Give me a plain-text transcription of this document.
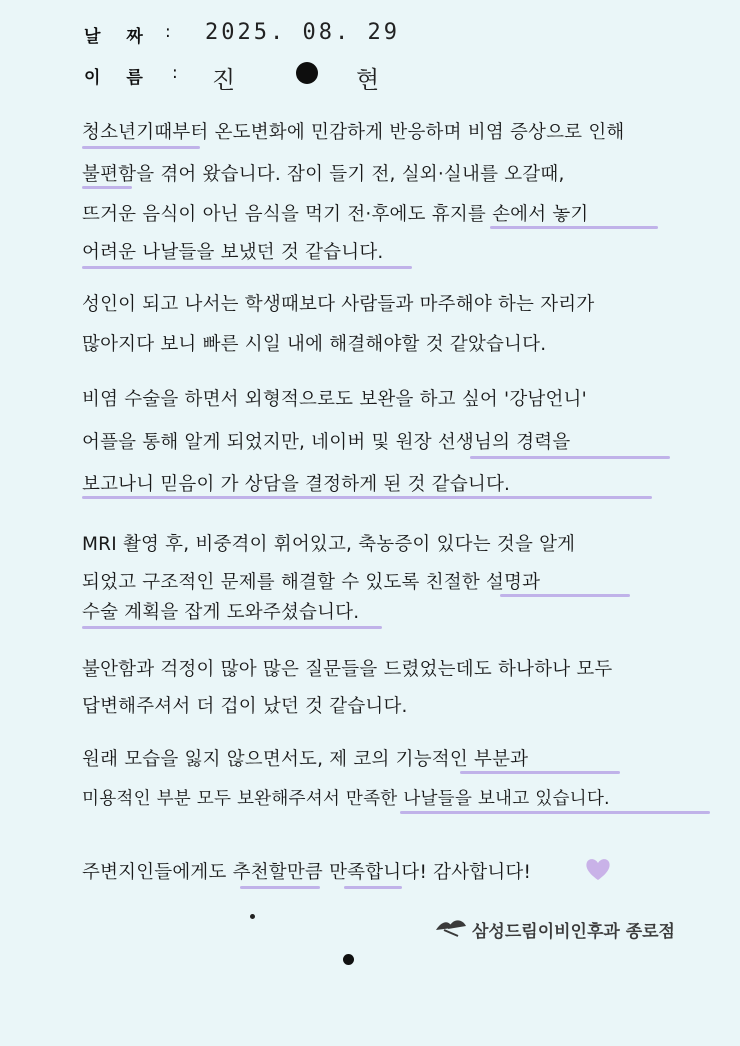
날 짜 : 2025. 08. 29
이 름 : 진	현
청소년기때부터 온도변화에 민감하게 반응하며 비염 증상으로 인해
불편함을 겪어 왔습니다. 잠이 들기 전, 실외·실내를 오갈때,
뜨거운 음식이 아닌 음식을 먹기 전·후에도 휴지를 손에서 놓기
어려운 나날들을 보냈던 것 같습니다.
성인이 되고 나서는 학생때보다 사람들과 마주해야 하는 자리가
많아지다 보니 빠른 시일 내에 해결해야할 것 같았습니다.
비염 수술을 하면서 외형적으로도 보완을 하고 싶어 '강남언니'
어플을 통해 알게 되었지만, 네이버 및 원장 선생님의 경력을
보고나니 믿음이 가 상담을 결정하게 된 것 같습니다.
MRI 촬영 후, 비중격이 휘어있고, 축농증이 있다는 것을 알게
되었고 구조적인 문제를 해결할 수 있도록 친절한 설명과
수술 계획을 잡게 도와주셨습니다.
불안함과 걱정이 많아 많은 질문들을 드렸었는데도 하나하나 모두
답변해주셔서 더 겁이 났던 것 같습니다.
원래 모습을 잃지 않으면서도, 제 코의 기능적인 부분과
미용적인 부분 모두 보완해주셔서 만족한 나날들을 보내고 있습니다.
주변지인들에게도 추천할만큼 만족합니다! 감사합니다!
삼성드림이비인후과 종로점
